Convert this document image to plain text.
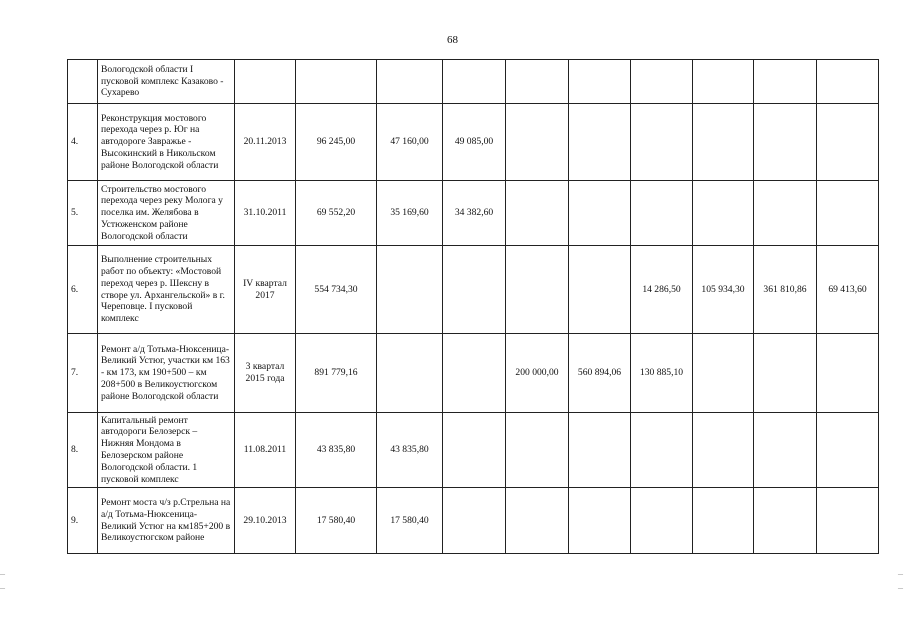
68
	Вологодской области I пусковой комплекс Казаково - Сухарево											
4.	Реконструкция мостового перехода через р. Юг на автодороге Завражье - Высокинский в Никольском районе Вологодской области	20.11.2013	96 245,00	47 160,00	49 085,00							
5.	Строительство мостового перехода через реку Молога у поселка им. Желябова в Устюженском районе Вологодской области	31.10.2011	69 552,20	35 169,60	34 382,60							
6.	Выполнение строительных работ по объекту: «Мостовой переход через р. Шексну в створе ул. Архангельской» в г. Череповце. I пусковой комплекс	IV квартал 2017	554 734,30					14 286,50	105 934,30	361 810,86	69 413,60	
7.	Ремонт а/д Тотьма-Нюксеница-Великий Устюг, участки км 163 - км 173, км 190+500 – км 208+500 в Великоустюгском районе Вологодской области	3 квартал 2015 года	891 779,16			200 000,00	560 894,06	130 885,10				
8.	Капитальный ремонт автодороги Белозерск – Нижняя Мондома в Белозерском районе Вологодской области. 1 пусковой комплекс	11.08.2011	43 835,80	43 835,80								
9.	Ремонт моста ч/з р.Стрельна на а/д Тотьма-Нюксеница-Великий Устюг на км185+200 в Великоустюгском районе	29.10.2013	17 580,40	17 580,40								
–
–
–
–
